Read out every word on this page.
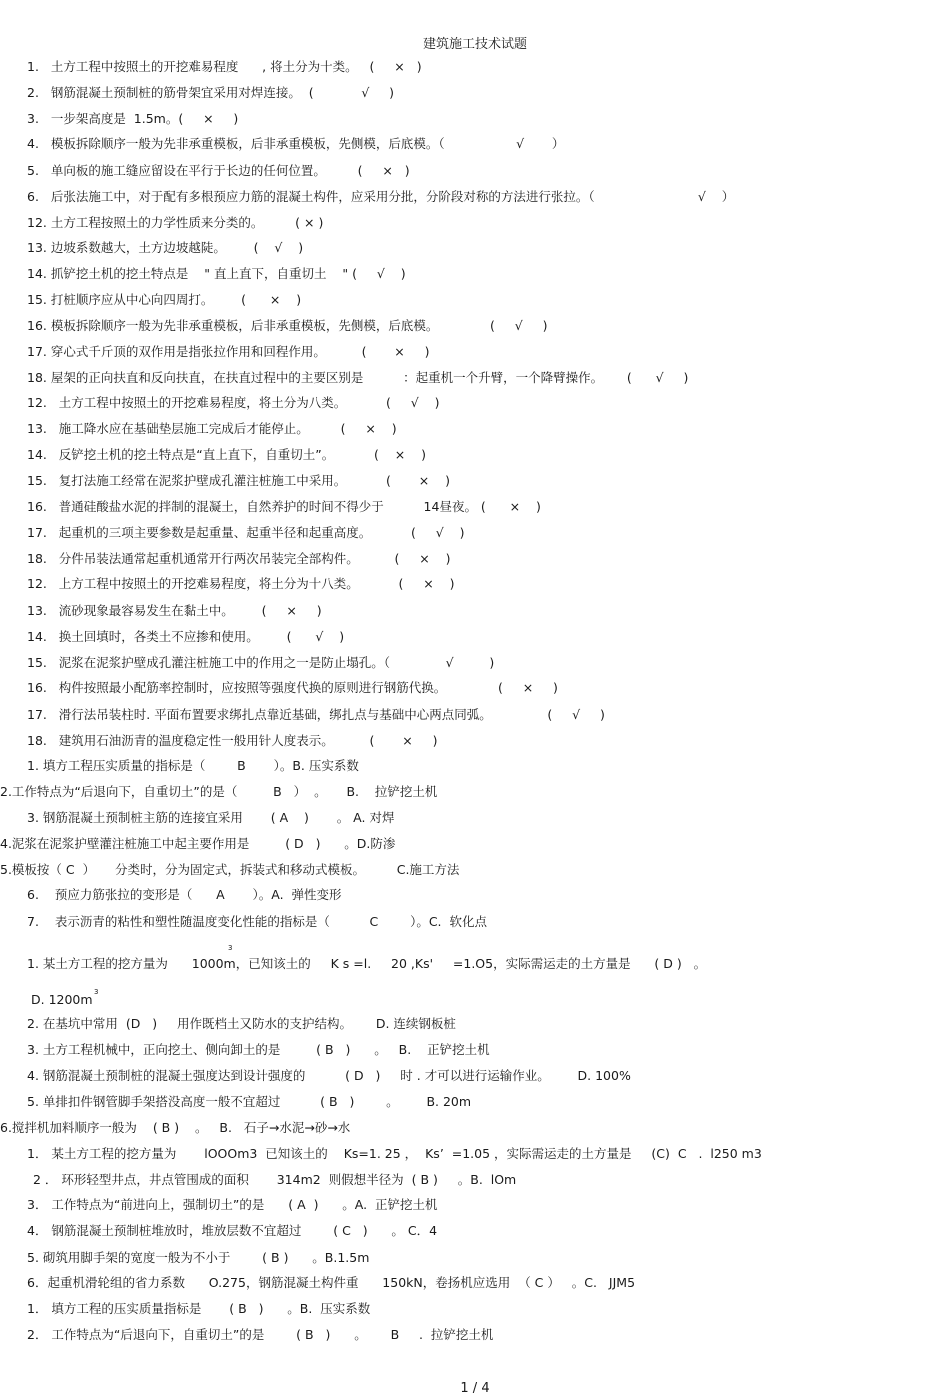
建筑施工技术试题
1.   土方工程中按照土的开挖难易程度      , 将土分为十类。   (     ×   )
2.   钢筋混凝土预制桩的筋骨架宜采用对焊连接。  (            √     )
3.   一步架高度是  1.5m。(     ×     )
4.   模板拆除顺序一般为先非承重模板，后非承重模板，先侧模，后底模。（                  √       ）
5.   单向板的施工缝应留设在平行于长边的任何位置。        (     ×   )
6.   后张法施工中，对于配有多根预应力筋的混凝土构件，应采用分批，分阶段对称的方法进行张拉。（                          √    ）
12. 土方工程按照土的力学性质来分类的。        ( × )
13. 边坡系数越大，土方边坡越陡。       (    √    )
14. 抓铲挖土机的挖土特点是    " 直上直下，自重切土    " (     √    )
15. 打桩顺序应从中心向四周打。       (      ×    )
16. 模板拆除顺序一般为先非承重模板，后非承重模板，先侧模，后底模。             (     √     )
17. 穿心式千斤顶的双作用是指张拉作用和回程作用。         (       ×     )
18. 屋架的正向扶直和反向扶直，在扶直过程中的主要区别是          ：起重机一个升臂，一个降臂操作。      (      √     )
12.   土方工程中按照土的开挖难易程度，将土分为八类。          (     √    )
13.   施工降水应在基础垫层施工完成后才能停止。        (     ×    )
14.   反铲挖土机的挖土特点是“直上直下，自重切土”。          (    ×    )
15.   复打法施工经常在泥浆护壁成孔灌注桩施工中采用。          (       ×    )
16.   普通硅酸盐水泥的拌制的混凝土，自然养护的时间不得少于          14昼夜。 (      ×    )
17.   起重机的三项主要参数是起重量、起重半径和起重高度。          (     √    )
18.   分件吊装法通常起重机通常开行两次吊装完全部构件。         (     ×    )
12.   上方工程中按照土的开挖难易程度，将土分为十八类。          (     ×    )
13.   流砂现象最容易发生在黏土中。       (     ×     )
14.   换土回填时，各类土不应掺和使用。       (      √    )
15.   泥浆在泥浆护壁成孔灌注桩施工中的作用之一是防止塌孔。（              √         )
16.   构件按照最小配筋率控制时，应按照等强度代换的原则进行钢筋代换。             (     ×     )
17.   滑行法吊装柱时. 平面布置要求绑扎点靠近基础，绑扎点与基础中心两点同弧。              (     √     )
18.   建筑用石油沥青的温度稳定性一般用针人度表示。         (       ×     )
1. 填方工程压实质量的指标是（        B       ）。B. 压实系数
2.工作特点为“后退向下，自重切土”的是（         B   ）  。     B.    拉铲挖土机
3. 钢筋混凝土预制桩主筋的连接宜采用       ( A    )       。 A. 对焊
4.泥浆在泥浆护壁灌注桩施工中起主要作用是         ( D   )      。D.防渗
5.模板按（ C  ）     分类时，分为固定式，拆装式和移动式模板。        C.施工方法
6.    预应力筋张拉的变形是（      A       ）。A.  弹性变形
7.    表示沥青的粘性和塑性随温度变化性能的指标是（          C        ）。C.  软化点
1. 某土方工程的挖方量为      1000m，已知该土的     K s =l.     20 ,Ks'     =1.O5，实际需运走的土方量是      ( D )   。
3
D. 1200m 3
2. 在基坑中常用  (D   )     用作既档土又防水的支护结构。      D. 连续钢板桩
3. 土方工程机械中，正向挖土、侧向卸土的是         ( B   )      。   B.    正铲挖土机
4. 钢筋混凝土预制桩的混凝土强度达到设计强度的          ( D   )     时 . 才可以进行运输作业。       D. 100%
5. 单排扣件钢管脚手架搭没高度一般不宜超过          ( B   )        。       B. 20m
6.搅拌机加料顺序一般为    ( B )    。   B.   石子→水泥→砂→水
1． 某土方工程的挖方量为       lOOOm3  已知该土的    Ks=1. 25 ，  Ks’  =1.05 ，实际需运走的土方量是     (C)  C   .  l250 m3
2 ． 环形轻型井点，井点管围成的面积       314m2  则假想半径为  ( B )     。B.  lOm
3． 工作特点为“前进向上，强制切土”的是      ( A  )      。A.  正铲挖土机
4． 钢筋混凝土预制桩堆放时，堆放层数不宜超过        ( C   )      。 C．4
5. 砌筑用脚手架的宽度一般为不小于        ( B )      。B.1.5m
6．起重机滑轮组的省力系数      O.275，钢筋混凝土构件重      150kN，卷扬机应选用  （ C ）   。C.   JJM5
1． 填方工程的压实质量指标是       ( B   )      。B.  压实系数
2． 工作特点为“后退向下，自重切土”的是        ( B   )      。      B     .  拉铲挖土机
1 / 4
